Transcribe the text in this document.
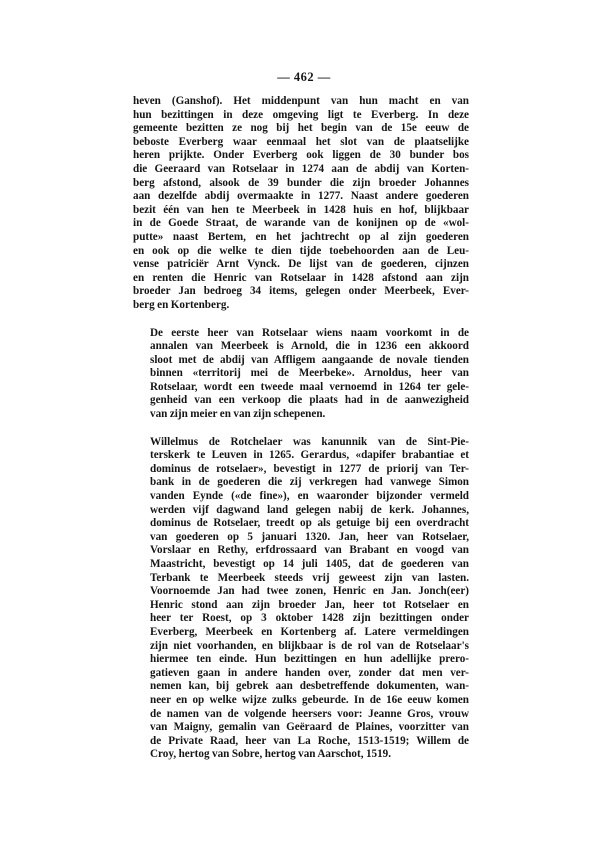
— 462 —
heven (Ganshof). Het middenpunt van hun macht en van
hun bezittingen in deze omgeving ligt te Everberg. In deze
gemeente bezitten ze nog bij het begin van de 15e eeuw de
beboste Everberg waar eenmaal het slot van de plaatselijke
heren prijkte. Onder Everberg ook liggen de 30 bunder bos
die Geeraard van Rotselaar in 1274 aan de abdij van Korten-
berg afstond, alsook de 39 bunder die zijn broeder Johannes
aan dezelfde abdij overmaakte in 1277. Naast andere goederen
bezit één van hen te Meerbeek in 1428 huis en hof, blijkbaar
in de Goede Straat, de warande van de konijnen op de «wol-
putte» naast Bertem, en het jachtrecht op al zijn goederen
en ook op die welke te dien tijde toebehoorden aan de Leu-
vense patriciër Arnt Vynck. De lijst van de goederen, cijnzen
en renten die Henric van Rotselaar in 1428 afstond aan zijn
broeder Jan bedroeg 34 items, gelegen onder Meerbeek, Ever-
berg en Kortenberg.
De eerste heer van Rotselaar wiens naam voorkomt in de
annalen van Meerbeek is Arnold, die in 1236 een akkoord
sloot met de abdij van Affligem aangaande de novale tienden
binnen «territorij mei de Meerbeke». Arnoldus, heer van
Rotselaar, wordt een tweede maal vernoemd in 1264 ter gele-
genheid van een verkoop die plaats had in de aanwezigheid
van zijn meier en van zijn schepenen.
Willelmus de Rotchelaer was kanunnik van de Sint-Pie-
terskerk te Leuven in 1265. Gerardus, «dapifer brabantiae et
dominus de rotselaer», bevestigt in 1277 de priorij van Ter-
bank in de goederen die zij verkregen had vanwege Simon
vanden Eynde («de fine»), en waaronder bijzonder vermeld
werden vijf dagwand land gelegen nabij de kerk. Johannes,
dominus de Rotselaer, treedt op als getuige bij een overdracht
van goederen op 5 januari 1320. Jan, heer van Rotselaer,
Vorslaar en Rethy, erfdrossaard van Brabant en voogd van
Maastricht, bevestigt op 14 juli 1405, dat de goederen van
Terbank te Meerbeek steeds vrij geweest zijn van lasten.
Voornoemde Jan had twee zonen, Henric en Jan. Jonch(eer)
Henric stond aan zijn broeder Jan, heer tot Rotselaer en
heer ter Roest, op 3 oktober 1428 zijn bezittingen onder
Everberg, Meerbeek en Kortenberg af. Latere vermeldingen
zijn niet voorhanden, en blijkbaar is de rol van de Rotselaar's
hiermee ten einde. Hun bezittingen en hun adellijke prero-
gatieven gaan in andere handen over, zonder dat men ver-
nemen kan, bij gebrek aan desbetreffende dokumenten, wan-
neer en op welke wijze zulks gebeurde. In de 16e eeuw komen
de namen van de volgende heersers voor: Jeanne Gros, vrouw
van Maigny, gemalin van Geëraard de Plaines, voorzitter van
de Private Raad, heer van La Roche, 1513-1519; Willem de
Croy, hertog van Sobre, hertog van Aarschot, 1519.
